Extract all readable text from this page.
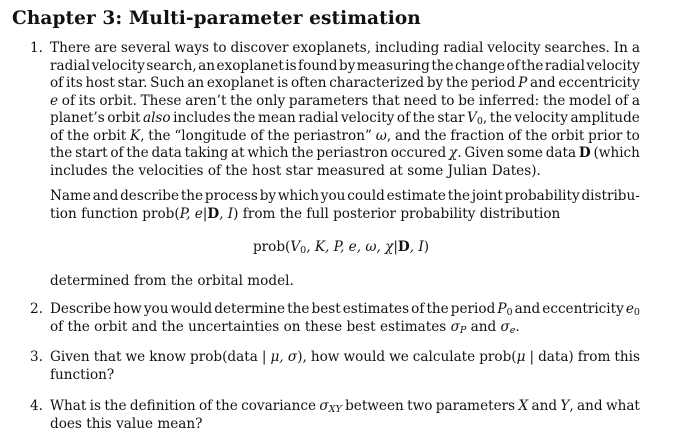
Chapter 3: Multi-parameter estimation
1. There are several ways to discover exoplanets, including radial velocity searches. In a
radial velocity search, an exoplanet is found by measuring the change of the radial velocity
of its host star. Such an exoplanet is often characterized by the period P and eccentricity
e of its orbit. These aren’t the only parameters that need to be inferred: the model of a
planet’s orbit also includes the mean radial velocity of the star $V_0$, the velocity amplitude
of the orbit K, the “longitude of the periastron” ω, and the fraction of the orbit prior to
the start of the data taking at which the periastron occured χ. Given some data D (which
includes the velocities of the host star measured at some Julian Dates).
Name and describe the process by which you could estimate the joint probability distribu-
tion function prob(P, e|D, I) from the full posterior probability distribution
$prob(V_0$, K, P, e, ω, χ|D, I)
determined from the orbital model.
2. Describe how you would determine the best estimates of the period $P_0$ and eccentricity $e_0$
of the orbit and the uncertainties on these best estimates $\sigma_P$ and $\sigma_e$.
3. Given that we know prob(data | μ, σ), how would we calculate prob(μ | data) from this
function?
4. What is the definition of the covariance $\sigma_{XY}$ between two parameters X and Y, and what
does this value mean?
